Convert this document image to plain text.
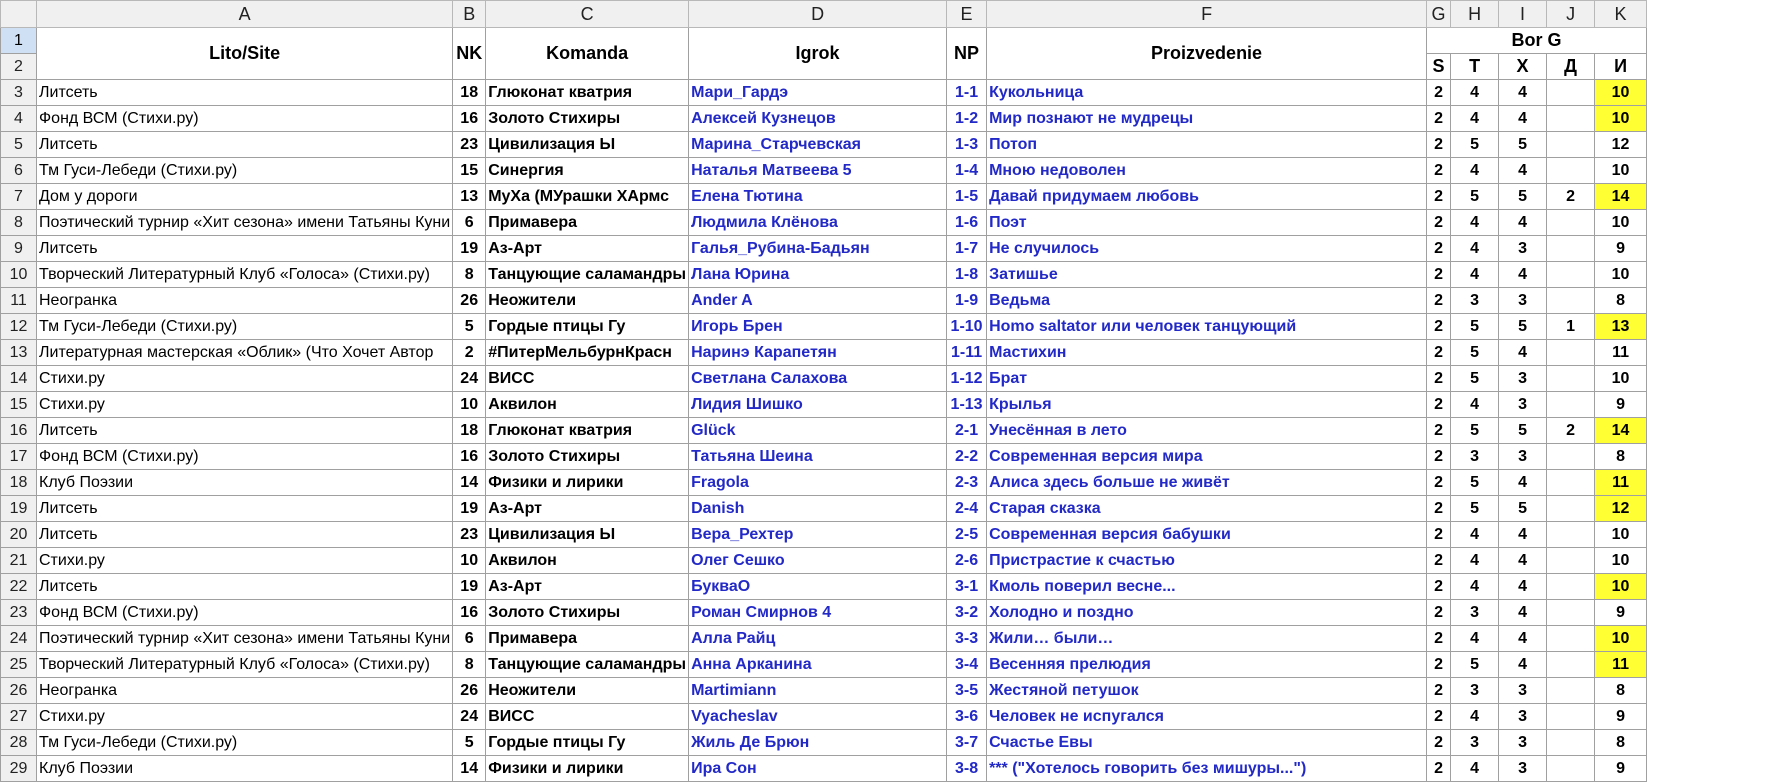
	A	B	C	D	E	F	G	H	I	J	K
1	Lito/Site	NK	Komanda	Igrok	NP	Proizvedenie	Bor G				
2							S	Т	Х	Д	И
3	Литсеть	18	Глюконат кватрия	Мари_Гардэ	1-1	Кукольница	2	4	4		10
4	Фонд ВСМ (Стихи.ру)	16	Золото Стихиры	Алексей Кузнецов	1-2	Мир познают не мудрецы	2	4	4		10
5	Литсеть	23	Цивилизация Ы	Марина_Старчевская	1-3	Потоп	2	5	5		12
6	Тм Гуси-Лебеди (Стихи.ру)	15	Синергия	Наталья Матвеева 5	1-4	Мною недоволен	2	4	4		10
7	Дом у дороги	13	МуХа (МУрашки ХАрмс	Елена Тютина	1-5	Давай придумаем любовь	2	5	5	2	14
8	Поэтический турнир «Хит сезона» имени Татьяны Куни	6	Примавера	Людмила Клёнова	1-6	Поэт	2	4	4		10
9	Литсеть	19	Аз-Арт	Галья_Рубина-Бадьян	1-7	Не случилось	2	4	3		9
10	Творческий Литературный Клуб «Голоса» (Стихи.ру)	8	Танцующие саламандры	Лана Юрина	1-8	Затишье	2	4	4		10
11	Неогранка	26	Неожители	Ander A	1-9	Ведьма	2	3	3		8
12	Тм Гуси-Лебеди (Стихи.ру)	5	Гордые птицы Гу	Игорь Брен	1-10	Homo saltator или человек танцующий	2	5	5	1	13
13	Литературная мастерская «Облик» (Что Хочет Автор	2	#ПитерМельбурнКрасн	Наринэ Карапетян	1-11	Мастихин	2	5	4		11
14	Стихи.ру	24	ВИСС	Светлана Салахова	1-12	Брат	2	5	3		10
15	Стихи.ру	10	Аквилон	Лидия Шишко	1-13	Крылья	2	4	3		9
16	Литсеть	18	Глюконат кватрия	Glück	2-1	Унесённая в лето	2	5	5	2	14
17	Фонд ВСМ (Стихи.ру)	16	Золото Стихиры	Татьяна Шеина	2-2	Современная версия мира	2	3	3		8
18	Клуб Поэзии	14	Физики и лирики	Fragola	2-3	Алиса здесь больше не живёт	2	5	4		11
19	Литсеть	19	Аз-Арт	Danish	2-4	Старая сказка	2	5	5		12
20	Литсеть	23	Цивилизация Ы	Вера_Рехтер	2-5	Современная версия бабушки	2	4	4		10
21	Стихи.ру	10	Аквилон	Олег Сешко	2-6	Пристрастие к счастью	2	4	4		10
22	Литсеть	19	Аз-Арт	БукваО	3-1	Кмоль поверил весне...	2	4	4		10
23	Фонд ВСМ (Стихи.ру)	16	Золото Стихиры	Роман Смирнов 4	3-2	Холодно и поздно	2	3	4		9
24	Поэтический турнир «Хит сезона» имени Татьяны Куни	6	Примавера	Алла Райц	3-3	Жили… были…	2	4	4		10
25	Творческий Литературный Клуб «Голоса» (Стихи.ру)	8	Танцующие саламандры	Анна Арканина	3-4	Весенняя прелюдия	2	5	4		11
26	Неогранка	26	Неожители	Martimiann	3-5	Жестяной петушок	2	3	3		8
27	Стихи.ру	24	ВИСС	Vyacheslav	3-6	Человек не испугался	2	4	3		9
28	Тм Гуси-Лебеди (Стихи.ру)	5	Гордые птицы Гу	Жиль Де Брюн	3-7	Счастье Евы	2	3	3		8
29	Клуб Поэзии	14	Физики и лирики	Ира Сон	3-8	*** ("Хотелось говорить без мишуры...")	2	4	3		9
